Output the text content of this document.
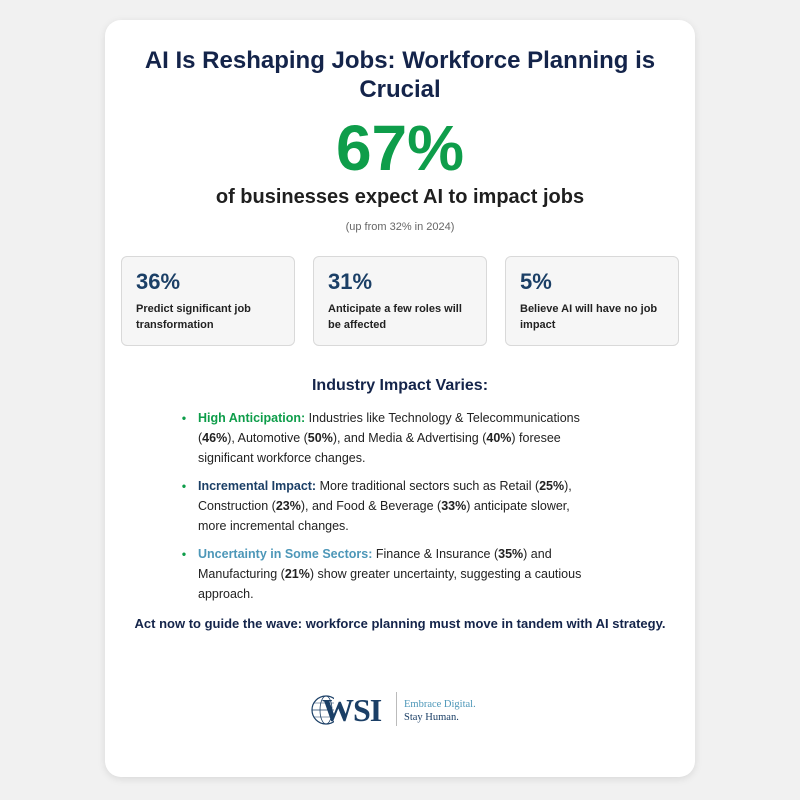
AI Is Reshaping Jobs: Workforce Planning is Crucial
67%
of businesses expect AI to impact jobs
(up from 32% in 2024)
36%
Predict significant job transformation
31%
Anticipate a few roles will be affected
5%
Believe AI will have no job impact
Industry Impact Varies:
• High Anticipation: Industries like Technology & Telecommunications (46%), Automotive (50%), and Media & Advertising (40%) foresee significant workforce changes.
• Incremental Impact: More traditional sectors such as Retail (25%), Construction (23%), and Food & Beverage (33%) anticipate slower, more incremental changes.
• Uncertainty in Some Sectors: Finance & Insurance (35%) and Manufacturing (21%) show greater uncertainty, suggesting a cautious approach.
Act now to guide the wave: workforce planning must move in tandem with AI strategy.
WSI Embrace Digital.
Stay Human.
